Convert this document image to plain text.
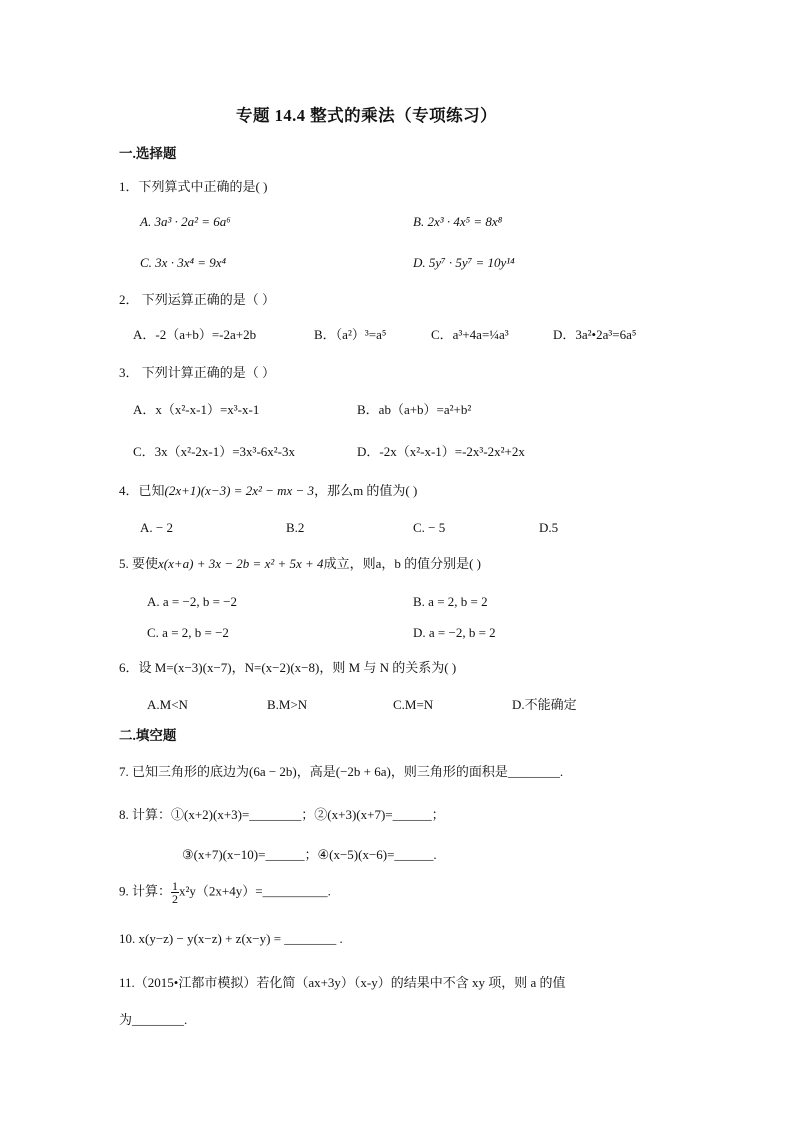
专题 14.4 整式的乘法（专项练习）
一.选择题
1．下列算式中正确的是( )
A. 3a³ · 2a² = 6a⁶	B. 2x³ · 4x⁵ = 8x⁸
C. 3x · 3x⁴ = 9x⁴	D. 5y⁷ · 5y⁷ = 10y¹⁴
2． 下列运算正确的是（ ）
A．-2（a+b）=-2a+2b	B．（a²）³=a⁵	C．a³+4a=¼a³	D．3a²•2a³=6a⁵
3． 下列计算正确的是（ ）
A．x（x²-x-1）=x³-x-1	B．ab（a+b）=a²+b²
C．3x（x²-2x-1）=3x³-6x²-3x	D．-2x（x²-x-1）=-2x³-2x²+2x
4．已知(2x+1)(x−3) = 2x² − mx − 3，那么m 的值为( )
A. − 2	B.2	C. − 5	D.5
5. 要使x(x+a) + 3x − 2b = x² + 5x + 4成立，则a，b 的值分别是( )
A. a = −2, b = −2	B. a = 2, b = 2
C. a = 2, b = −2	D. a = −2, b = 2
6．设 M=(x−3)(x−7)，N=(x−2)(x−8)，则 M 与 N 的关系为( )
A.M<N	B.M>N	C.M=N	D.不能确定
二.填空题
7. 已知三角形的底边为(6a − 2b)，高是(−2b + 6a)，则三角形的面积是________.
8. 计算：①(x+2)(x+3)=________；②(x+3)(x+7)=______；
③(x+7)(x−10)=______；④(x−5)(x−6)=______.
9. 计算： $\frac{1}{2}$ x²y（2x+4y）=__________.
10. x(y−z) − y(x−z) + z(x−y) = ________ .
11.（2015•江都市模拟）若化简（ax+3y）（x-y）的结果中不含 xy 项，则 a 的值
为________.
